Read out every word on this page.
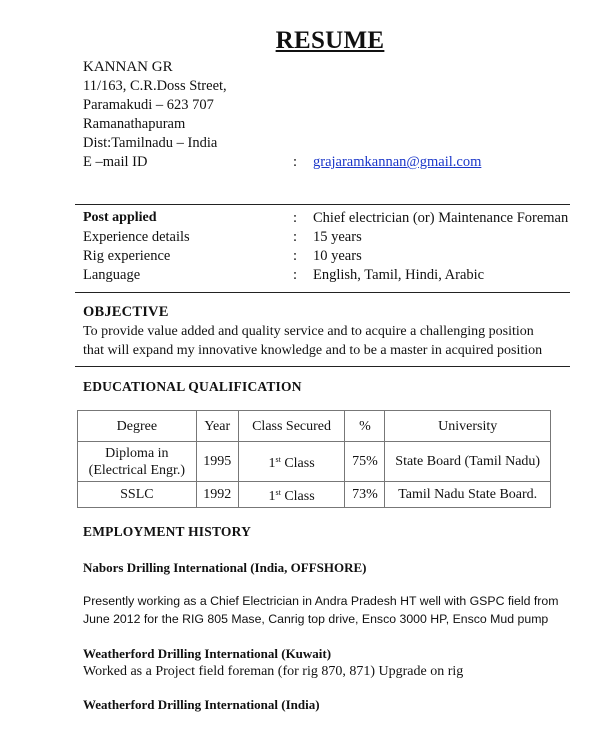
RESUME
KANNAN GR
11/163, C.R.Doss Street,
Paramakudi – 623 707
Ramanathapuram
Dist:Tamilnadu – India
E –mail ID	: grajaramkannan@gmail.com
Post applied	: Chief electrician (or) Maintenance Foreman
Experience details	: 15 years
Rig experience	: 10 years
Language	: English, Tamil, Hindi, Arabic
OBJECTIVE
To provide value added and quality service and to acquire a challenging position
that will expand my innovative knowledge and to be a master in acquired position
EDUCATIONAL QUALIFICATION
Degree	Year	Class Secured	%	University

Diploma in
(Electrical Engr.)	1995	1st Class	75%	State Board (Tamil Nadu)
SSLC	1992	1st Class	73%	Tamil Nadu State Board.
EMPLOYMENT HISTORY
Nabors Drilling International (India, OFFSHORE)
Presently working as a Chief Electrician in Andra Pradesh HT well with GSPC field from
June 2012 for the RIG 805 Mase, Canrig top drive, Ensco 3000 HP, Ensco Mud pump
Weatherford Drilling International (Kuwait)
Worked as a Project field foreman (for rig 870, 871) Upgrade on rig
Weatherford Drilling International (India)
